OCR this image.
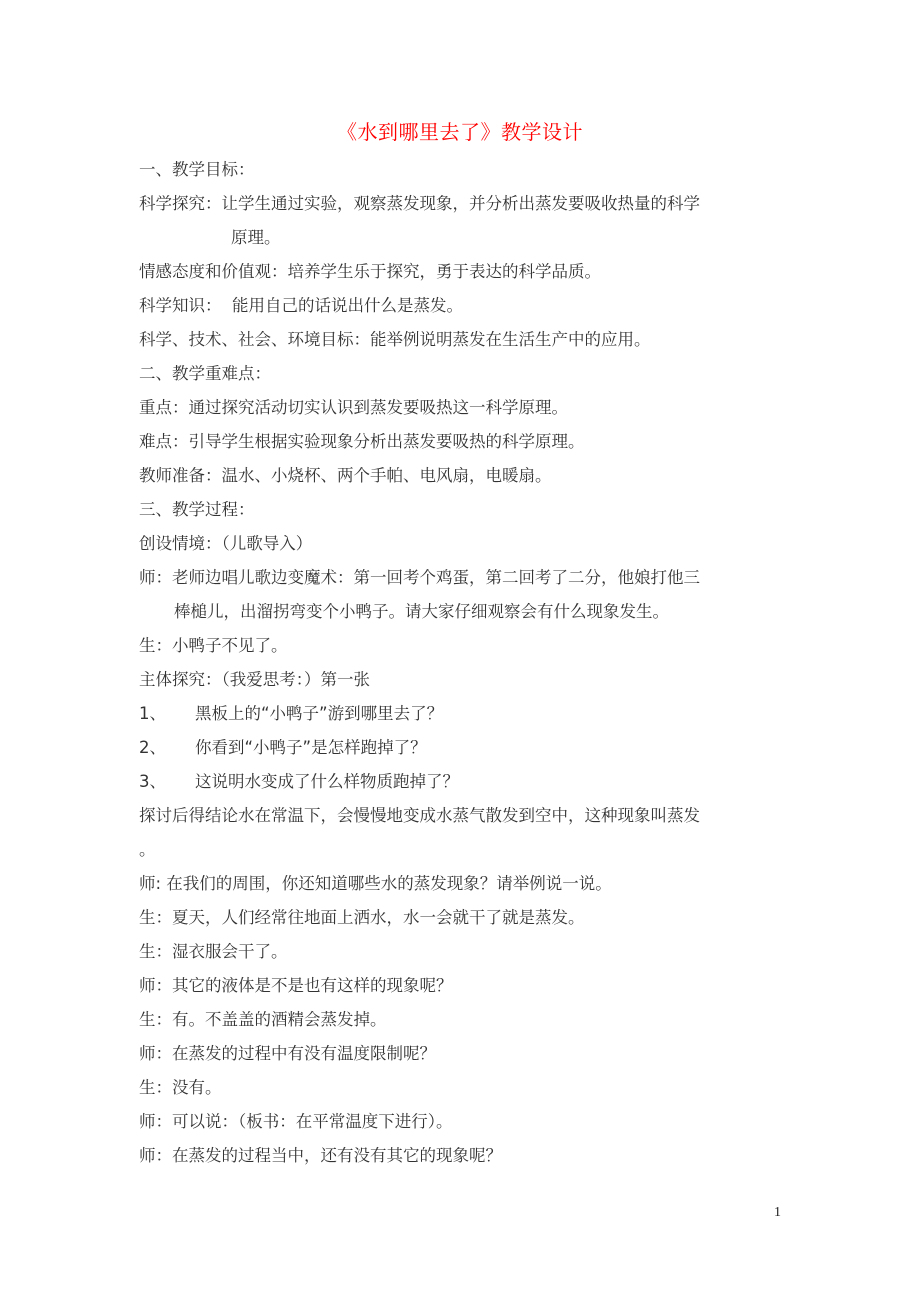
《水到哪里去了》教学设计
一、教学目标：
科学探究：让学生通过实验，观察蒸发现象，并分析出蒸发要吸收热量的科学
原理。
情感态度和价值观：培养学生乐于探究，勇于表达的科学品质。
科学知识：  能用自己的话说出什么是蒸发。
科学、技术、社会、环境目标：能举例说明蒸发在生活生产中的应用。
二、教学重难点：
重点：通过探究活动切实认识到蒸发要吸热这一科学原理。
难点：引导学生根据实验现象分析出蒸发要吸热的科学原理。
教师准备：温水、小烧杯、两个手帕、电风扇，电暖扇。
三、教学过程：
创设情境：（儿歌导入）
师：老师边唱儿歌边变魔术：第一回考个鸡蛋，第二回考了二分，他娘打他三
棒槌儿，出溜拐弯变个小鸭子。请大家仔细观察会有什么现象发生。
生：小鸭子不见了。
主体探究：（我爱思考：）第一张
1、 黑板上的“小鸭子”游到哪里去了？
2、 你看到“小鸭子”是怎样跑掉了？
3、 这说明水变成了什么样物质跑掉了？
探讨后得结论水在常温下，会慢慢地变成水蒸气散发到空中，这种现象叫蒸发
。
师: 在我们的周围，你还知道哪些水的蒸发现象？请举例说一说。
生：夏天，人们经常往地面上洒水，水一会就干了就是蒸发。
生：湿衣服会干了。
师：其它的液体是不是也有这样的现象呢？
生：有。不盖盖的酒精会蒸发掉。
师：在蒸发的过程中有没有温度限制呢？
生：没有。
师：可以说：（板书：在平常温度下进行）。
师：在蒸发的过程当中，还有没有其它的现象呢？
1
